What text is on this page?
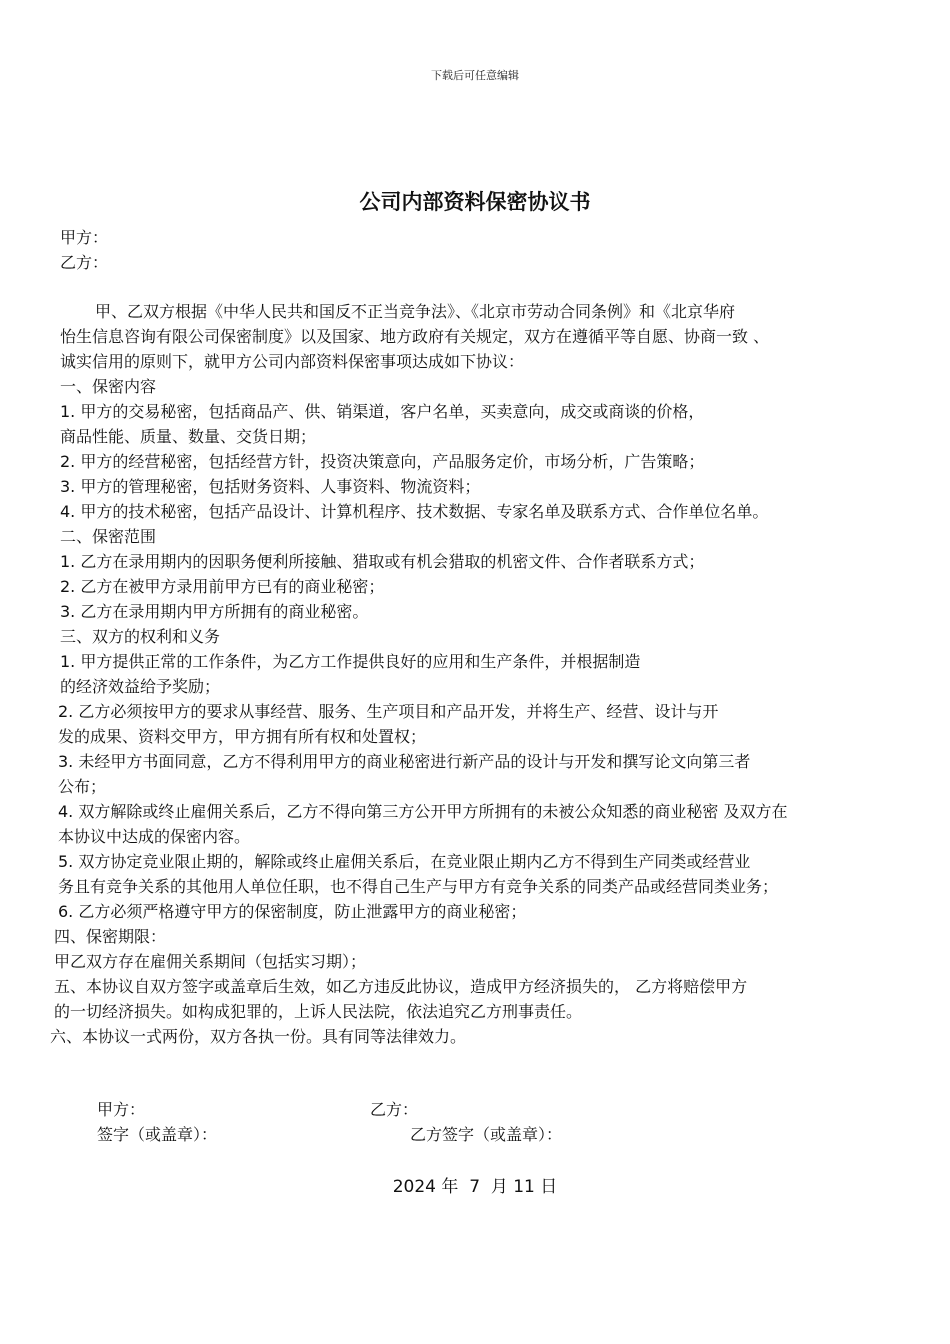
下载后可任意编辑
公司内部资料保密协议书
甲方：
乙方：
甲、乙双方根据《中华人民共和国反不正当竞争法》、《北京市劳动合同条例》和《北京华府
怡生信息咨询有限公司保密制度》以及国家、地方政府有关规定，双方在遵循平等自愿、协商一致 、
诚实信用的原则下，就甲方公司内部资料保密事项达成如下协议：
一、保密内容
1. 甲方的交易秘密，包括商品产、供、销渠道，客户名单，买卖意向，成交或商谈的价格，
商品性能、质量、数量、交货日期；
2. 甲方的经营秘密，包括经营方针，投资决策意向，产品服务定价，市场分析，广告策略；
3. 甲方的管理秘密，包括财务资料、人事资料、物流资料；
4. 甲方的技术秘密，包括产品设计、计算机程序、技术数据、专家名单及联系方式、合作单位名单。
二、保密范围
1. 乙方在录用期内的因职务便利所接触、猎取或有机会猎取的机密文件、合作者联系方式；
2. 乙方在被甲方录用前甲方已有的商业秘密；
3. 乙方在录用期内甲方所拥有的商业秘密。
三、双方的权利和义务
1. 甲方提供正常的工作条件，为乙方工作提供良好的应用和生产条件，并根据制造
的经济效益给予奖励；
2. 乙方必须按甲方的要求从事经营、服务、生产项目和产品开发，并将生产、经营、设计与开
发的成果、资料交甲方，甲方拥有所有权和处置权；
3. 未经甲方书面同意，乙方不得利用甲方的商业秘密进行新产品的设计与开发和撰写论文向第三者
公布；
4. 双方解除或终止雇佣关系后，乙方不得向第三方公开甲方所拥有的未被公众知悉的商业秘密 及双方在
本协议中达成的保密内容。
5. 双方协定竞业限止期的，解除或终止雇佣关系后，在竞业限止期内乙方不得到生产同类或经营业
务且有竞争关系的其他用人单位任职，也不得自己生产与甲方有竞争关系的同类产品或经营同类业务；
6. 乙方必须严格遵守甲方的保密制度，防止泄露甲方的商业秘密；
四、保密期限：
甲乙双方存在雇佣关系期间（包括实习期）；
五、本协议自双方签字或盖章后生效，如乙方违反此协议，造成甲方经济损失的， 乙方将赔偿甲方
的一切经济损失。如构成犯罪的，上诉人民法院，依法追究乙方刑事责任。
六、本协议一式两份，双方各执一份。具有同等法律效力。
甲方：	乙方：
签字（或盖章）：	乙方签字（或盖章）：
2024 年  7  月 11 日
